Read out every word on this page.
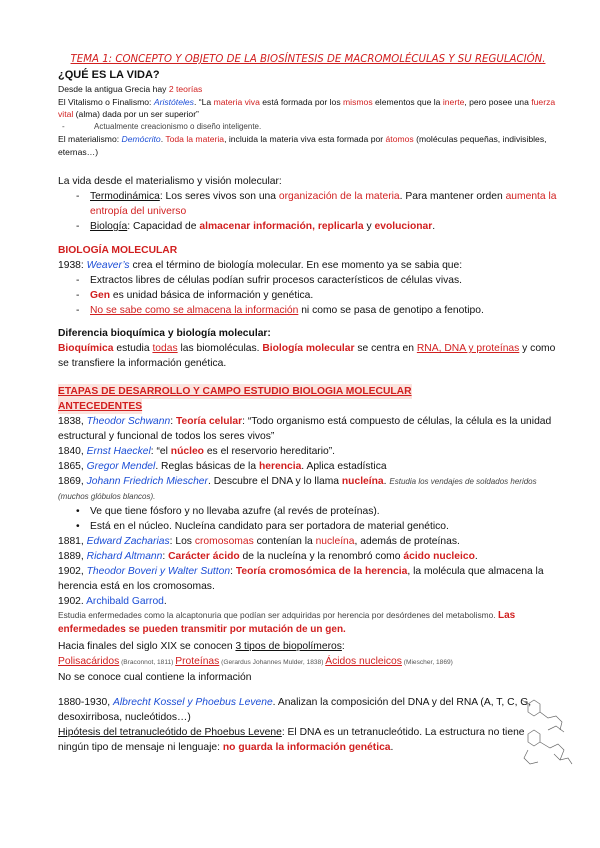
TEMA 1: CONCEPTO Y OBJETO DE LA BIOSÍNTESIS DE MACROMOLÉCULAS Y SU REGULACIÓN.
¿QUÉ ES LA VIDA?
Desde la antigua Grecia hay 2 teorías
El Vitalismo o Finalismo: Aristóteles. “La materia viva está formada por los mismos elementos que la inerte, pero posee una fuerza vital (alma) dada por un ser superior”
- Actualmente creacionismo o diseño inteligente.
El materialismo: Demócrito. Toda la materia, incluida la materia viva esta formada por átomos (moléculas pequeñas, indivisibles, eternas…)
La vida desde el materialismo y visión molecular:
- Termodinámica: Los seres vivos son una organización de la materia. Para mantener orden aumenta la entropía del universo
- Biología: Capacidad de almacenar información, replicarla y evolucionar.
BIOLOGÍA MOLECULAR
1938: Weaver’s crea el término de biología molecular. En ese momento ya se sabia que:
- Extractos libres de células podían sufrir procesos característicos de células vivas.
- Gen es unidad básica de información y genética.
- No se sabe como se almacena la información ni como se pasa de genotipo a fenotipo.
Diferencia bioquímica y biología molecular:
Bioquímica estudia todas las biomoléculas. Biología molecular se centra en RNA, DNA y proteínas y como se transfiere la información genética.
ETAPAS DE DESARROLLO Y CAMPO ESTUDIO BIOLOGIA MOLECULAR
ANTECEDENTES
1838, Theodor Schwann: Teoría celular: “Todo organismo está compuesto de células, la célula es la unidad estructural y funcional de todos los seres vivos”
1840, Ernst Haeckel: “el núcleo es el reservorio hereditario”.
1865, Gregor Mendel. Reglas básicas de la herencia. Aplica estadística
1869, Johann Friedrich Miescher. Descubre el DNA y lo llama nucleína. Estudia los vendajes de soldados heridos (muchos glóbulos blancos).
• Ve que tiene fósforo y no llevaba azufre (al revés de proteínas).
• Está en el núcleo. Nucleína candidato para ser portadora de material genético.
1881, Edward Zacharias: Los cromosomas contenían la nucleína, además de proteínas.
1889, Richard Altmann: Carácter ácido de la nucleína y la renombró como ácido nucleico.
1902, Theodor Boveri y Walter Sutton: Teoría cromosómica de la herencia, la molécula que almacena la herencia está en los cromosomas.
1902. Archibald Garrod.
Estudia enfermedades como la alcaptonuria que podían ser adquiridas por herencia por desórdenes del metabolismo. Las enfermedades se pueden transmitir por mutación de un gen.
Hacia finales del siglo XIX se conocen 3 tipos de biopolímeros:
Polisacáridos (Braconnot, 1811) Proteínas (Gerardus Johannes Mulder, 1838) Ácidos nucleicos (Miescher, 1869)
No se conoce cual contiene la información
1880-1930, Albrecht Kossel y Phoebus Levene. Analizan la composición del DNA y del RNA (A, T, C, G, desoxirribosa, nucleótidos…)
Hipótesis del tetranucleótido de Phoebus Levene: El DNA es un tetranucleótido. La estructura no tiene ningún tipo de mensaje ni lenguaje: no guarda la información genética.
